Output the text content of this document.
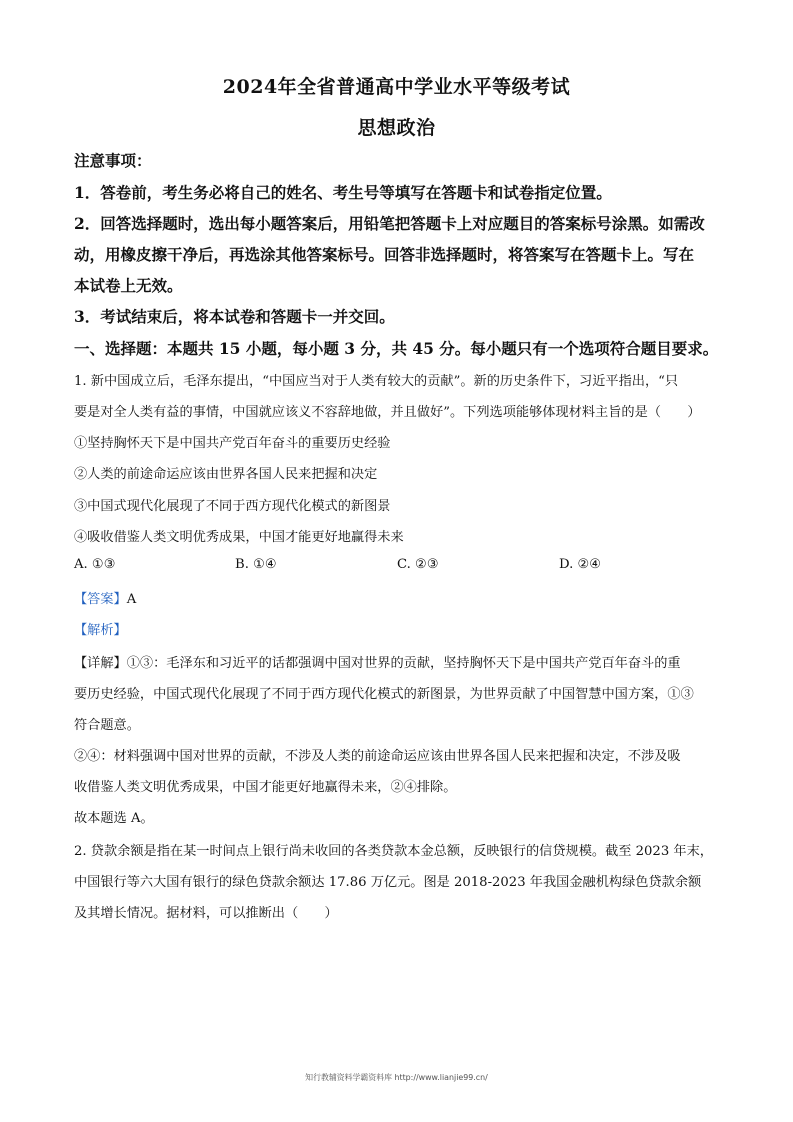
2024年全省普通高中学业水平等级考试
思想政治
注意事项：
1．答卷前，考生务必将自己的姓名、考生号等填写在答题卡和试卷指定位置。
2．回答选择题时，选出每小题答案后，用铅笔把答题卡上对应题目的答案标号涂黑。如需改
动，用橡皮擦干净后，再选涂其他答案标号。回答非选择题时，将答案写在答题卡上。写在
本试卷上无效。
3．考试结束后，将本试卷和答题卡一并交回。
一、选择题：本题共 15 小题，每小题 3 分，共 45 分。每小题只有一个选项符合题目要求。
1. 新中国成立后，毛泽东提出，“中国应当对于人类有较大的贡献”。新的历史条件下，习近平指出，“只
要是对全人类有益的事情，中国就应该义不容辞地做，并且做好”。下列选项能够体现材料主旨的是（　　）
①坚持胸怀天下是中国共产党百年奋斗的重要历史经验
②人类的前途命运应该由世界各国人民来把握和决定
③中国式现代化展现了不同于西方现代化模式的新图景
④吸收借鉴人类文明优秀成果，中国才能更好地赢得未来
A. ①③	B. ①④	C. ②③	D. ②④
【答案】A
【解析】
【详解】①③：毛泽东和习近平的话都强调中国对世界的贡献，坚持胸怀天下是中国共产党百年奋斗的重
要历史经验，中国式现代化展现了不同于西方现代化模式的新图景，为世界贡献了中国智慧中国方案，①③
符合题意。
②④：材料强调中国对世界的贡献，不涉及人类的前途命运应该由世界各国人民来把握和决定，不涉及吸
收借鉴人类文明优秀成果，中国才能更好地赢得未来，②④排除。
故本题选 A。
2. 贷款余额是指在某一时间点上银行尚未收回的各类贷款本金总额，反映银行的信贷规模。截至 2023 年末，
中国银行等六大国有银行的绿色贷款余额达 17.86 万亿元。图是 2018-2023 年我国金融机构绿色贷款余额
及其增长情况。据材料，可以推断出（　　）
知行教辅资料学霸资料库 http://www.lianjie99.cn/
